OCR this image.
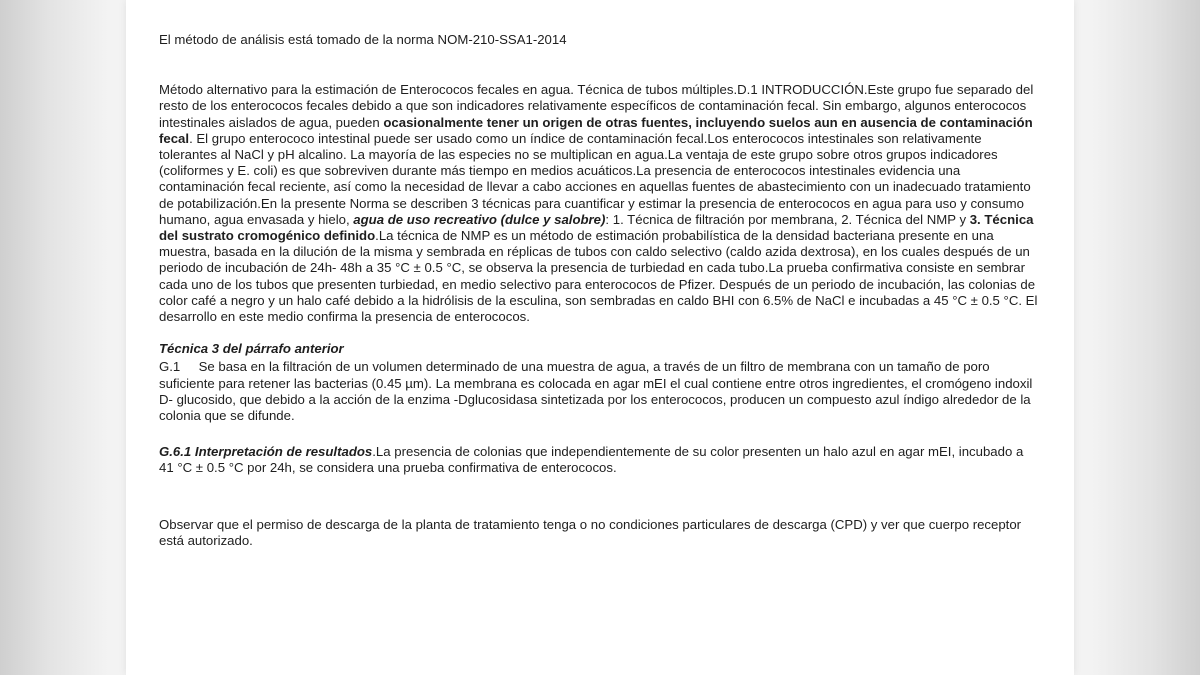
El método de análisis está tomado de la norma NOM-210-SSA1-2014

Método alternativo para la estimación de Enterococos fecales en agua. Técnica de tubos múltiples.D.1 INTRODUCCIÓN.Este grupo fue separado del resto de los enterococos fecales debido a que son indicadores relativamente específicos de contaminación fecal. Sin embargo, algunos enterococos intestinales aislados de agua, pueden ocasionalmente tener un origen de otras fuentes, incluyendo suelos aun en ausencia de contaminación fecal. El grupo enterococo intestinal puede ser usado como un índice de contaminación fecal.Los enterococos intestinales son relativamente tolerantes al NaCl y pH alcalino. La mayoría de las especies no se multiplican en agua.La ventaja de este grupo sobre otros grupos indicadores (coliformes y E. coli) es que sobreviven durante más tiempo en medios acuáticos.La presencia de enterococos intestinales evidencia una contaminación fecal reciente, así como la necesidad de llevar a cabo acciones en aquellas fuentes de abastecimiento con un inadecuado tratamiento de potabilización.En la presente Norma se describen 3 técnicas para cuantificar y estimar la presencia de enterococos en agua para uso y consumo humano, agua envasada y hielo, agua de uso recreativo (dulce y salobre): 1. Técnica de filtración por membrana, 2. Técnica del NMP y 3. Técnica del sustrato cromogénico definido.La técnica de NMP es un método de estimación probabilística de la densidad bacteriana presente en una muestra, basada en la dilución de la misma y sembrada en réplicas de tubos con caldo selectivo (caldo azida dextrosa), en los cuales después de un periodo de incubación de 24h- 48h a 35 °C ± 0.5 °C, se observa la presencia de turbiedad en cada tubo.La prueba confirmativa consiste en sembrar cada uno de los tubos que presenten turbiedad, en medio selectivo para enterococos de Pfizer. Después de un periodo de incubación, las colonias de color café a negro y un halo café debido a la hidrólisis de la esculina, son sembradas en caldo BHI con 6.5% de NaCl e incubadas a 45 °C ± 0.5 °C. El desarrollo en este medio confirma la presencia de enterococos.

Técnica 3 del párrafo anterior

G.1 Se basa en la filtración de un volumen determinado de una muestra de agua, a través de un filtro de membrana con un tamaño de poro suficiente para retener las bacterias (0.45 µm). La membrana es colocada en agar mEI el cual contiene entre otros ingredientes, el cromógeno indoxil D- glucosido, que debido a la acción de la enzima -Dglucosidasa sintetizada por los enterococos, producen un compuesto azul índigo alrededor de la colonia que se difunde.

G.6.1 Interpretación de resultados.La presencia de colonias que independientemente de su color presenten un halo azul en agar mEI, incubado a 41 °C ± 0.5 °C por 24h, se considera una prueba confirmativa de enterococos.

Observar que el permiso de descarga de la planta de tratamiento tenga o no condiciones particulares de descarga (CPD) y ver que cuerpo receptor está autorizado.
